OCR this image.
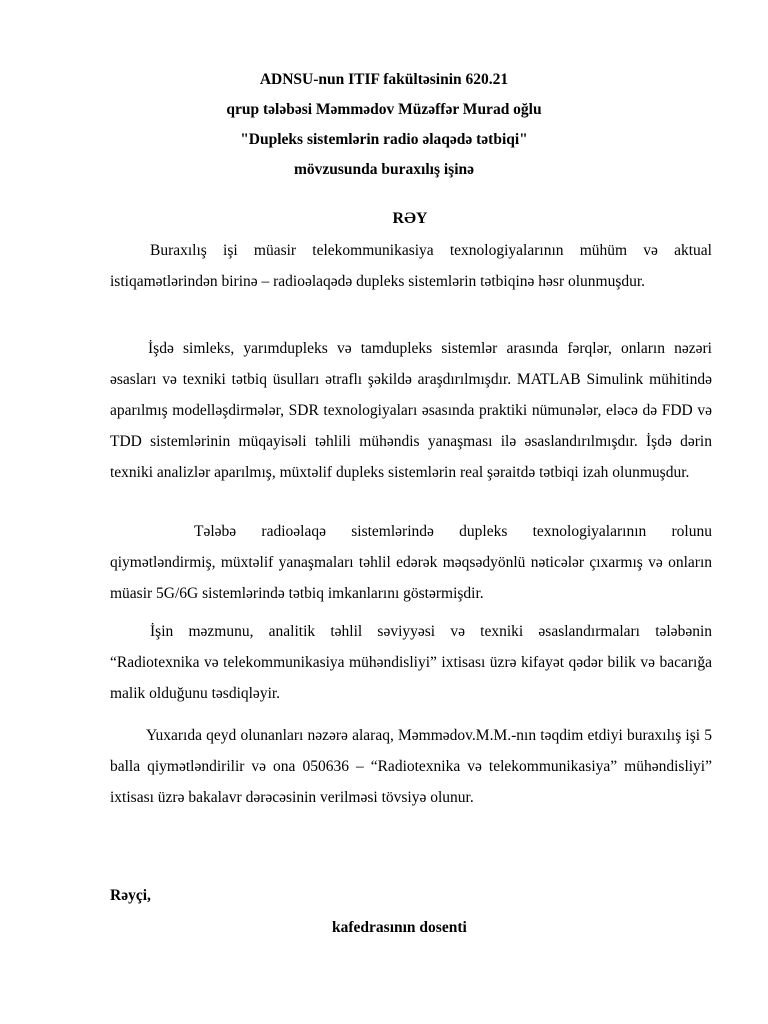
ADNSU-nun ITIF fakültəsinin 620.21
qrup tələbəsi Məmmədov Müzəffər Murad oğlu
"Dupleks sistemlərin radio əlaqədə tətbiqi"
mövzusunda buraxılış işinə
RƏY

Buraxılış işi müasir telekommunikasiya texnologiyalarının mühüm və aktual istiqamətlərindən birinə – radioəlaqədə dupleks sistemlərin tətbiqinə həsr olunmuşdur.

İşdə simleks, yarımdupleks və tamdupleks sistemlər arasında fərqlər, onların nəzəri əsasları və texniki tətbiq üsulları ətraflı şəkildə araşdırılmışdır. MATLAB Simulink mühitində aparılmış modelləşdirmələr, SDR texnologiyaları əsasında praktiki nümunələr, eləcə də FDD və TDD sistemlərinin müqayisəli təhlili mühəndis yanaşması ilə əsaslandırılmışdır. İşdə dərin texniki analizlər aparılmış, müxtəlif dupleks sistemlərin real şəraitdə tətbiqi izah olunmuşdur.

Tələbə radioəlaqə sistemlərində dupleks texnologiyalarının rolunu qiymətləndirmiş, müxtəlif yanaşmaları təhlil edərək məqsədyönlü nəticələr çıxarmış və onların müasir 5G/6G sistemlərində tətbiq imkanlarını göstərmişdir.

İşin məzmunu, analitik təhlil səviyyəsi və texniki əsaslandırmaları tələbənin “Radiotexnika və telekommunikasiya mühəndisliyi” ixtisası üzrə kifayət qədər bilik və bacarığa malik olduğunu təsdiqləyir.

Yuxarıda qeyd olunanları nəzərə alaraq, Məmmədov.M.M.-nın təqdim etdiyi buraxılış işi 5 balla qiymətləndirilir və ona 050636 – “Radiotexnika və telekommunikasiya” mühəndisliyi” ixtisası üzrə bakalavr dərəcəsinin verilməsi tövsiyə olunur.

Rəyçi,
kafedrasının dosenti
